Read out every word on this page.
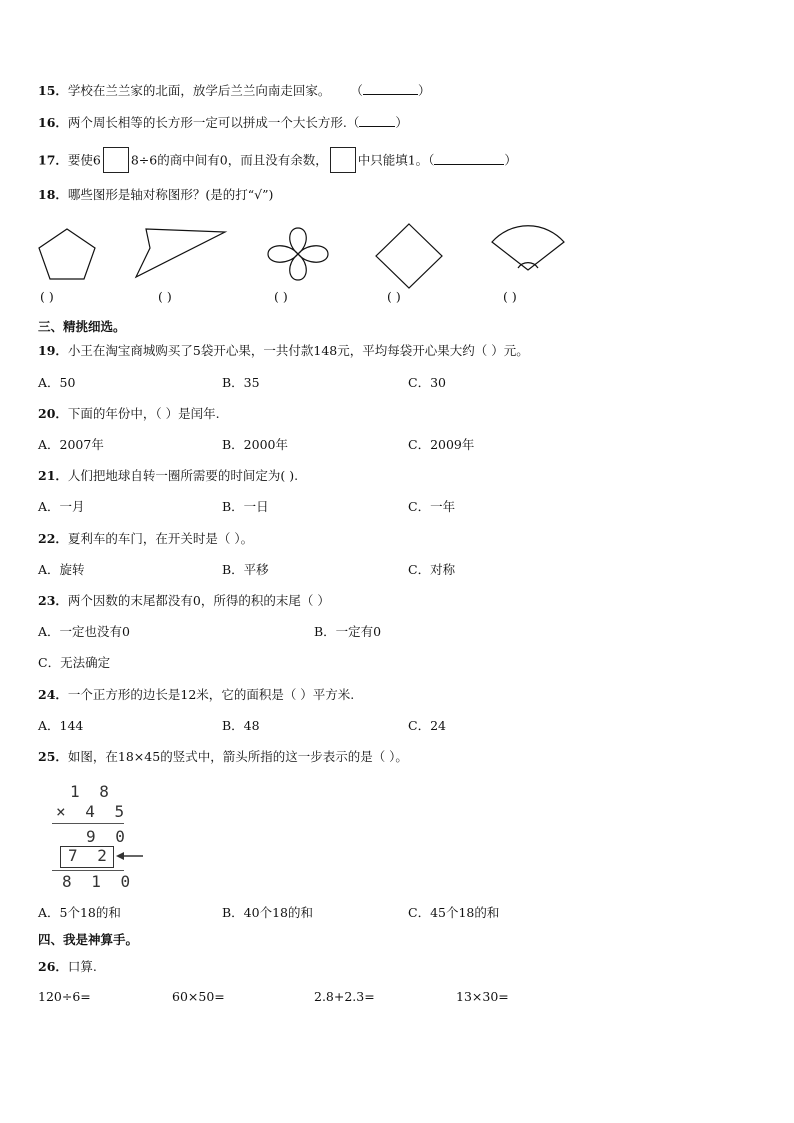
15．学校在兰兰家的北面，放学后兰兰向南走回家。 （	）
16．两个周长相等的长方形一定可以拼成一个大长方形.（	）
17．要使6 8÷6的商中间有0，而且没有余数， 中只能填1。（	）
18．哪些图形是轴对称图形？(是的打“√”)
( )	( )	( )	( )	( )
三、精挑细选。
19．小王在淘宝商城购买了5袋开心果，一共付款148元，平均每袋开心果大约（ ）元。
A．50	B．35	C．30
20．下面的年份中，（ ）是闰年.
A．2007年	B．2000年	C．2009年
21．人们把地球自转一圈所需要的时间定为( ).
A．一月	B．一日	C．一年
22．夏利车的车门，在开关时是（ ）。
A．旋转	B．平移	C．对称
23．两个因数的末尾都没有0，所得的积的末尾（ ）
A．一定也没有0	B．一定有0
C．无法确定
24．一个正方形的边长是12米，它的面积是（ ）平方米.
A．144	B．48	C．24
25．如图，在18×45的竖式中，箭头所指的这一步表示的是（ ）。
1 8
× 4 5
9 0
7 2
8 1 0
A．5个18的和	B．40个18的和	C．45个18的和
四、我是神算手。
26．口算.
120÷6=	60×50=	2.8+2.3=	13×30=
